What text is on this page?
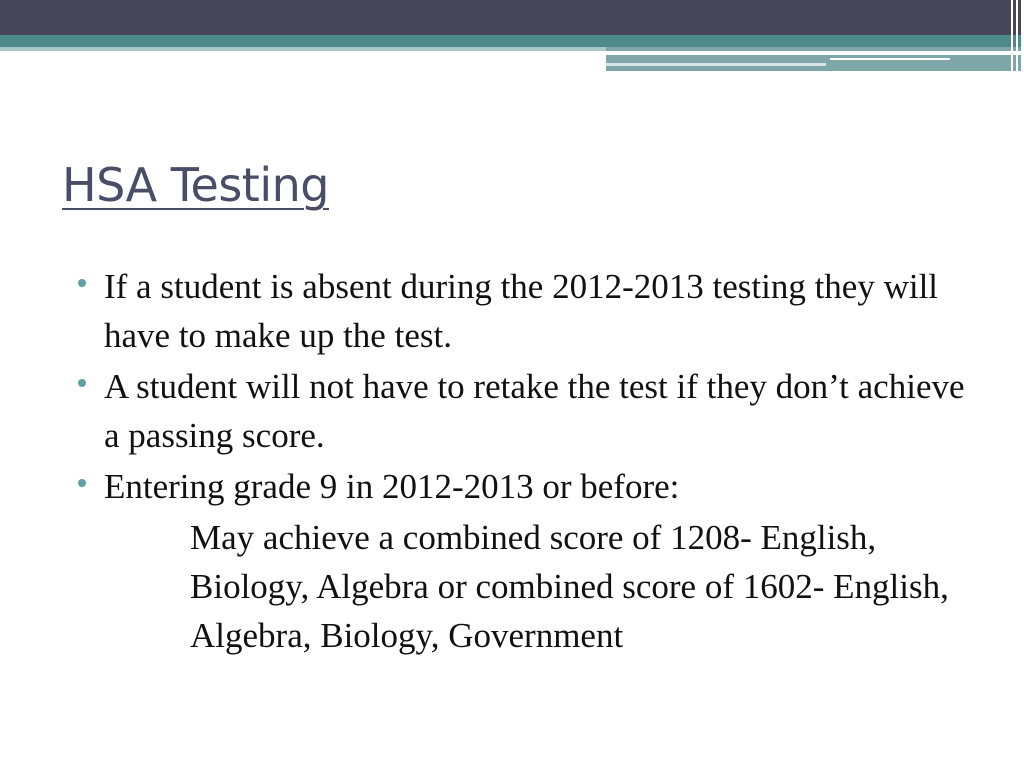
HSA Testing
If a student is absent during the 2012-2013 testing they will have to make up the test.
A student will not have to retake the test if they don’t achieve a passing score.
Entering grade 9 in 2012-2013 or before:
May achieve a combined score of 1208- English, Biology, Algebra or combined score of 1602- English, Algebra, Biology, Government
